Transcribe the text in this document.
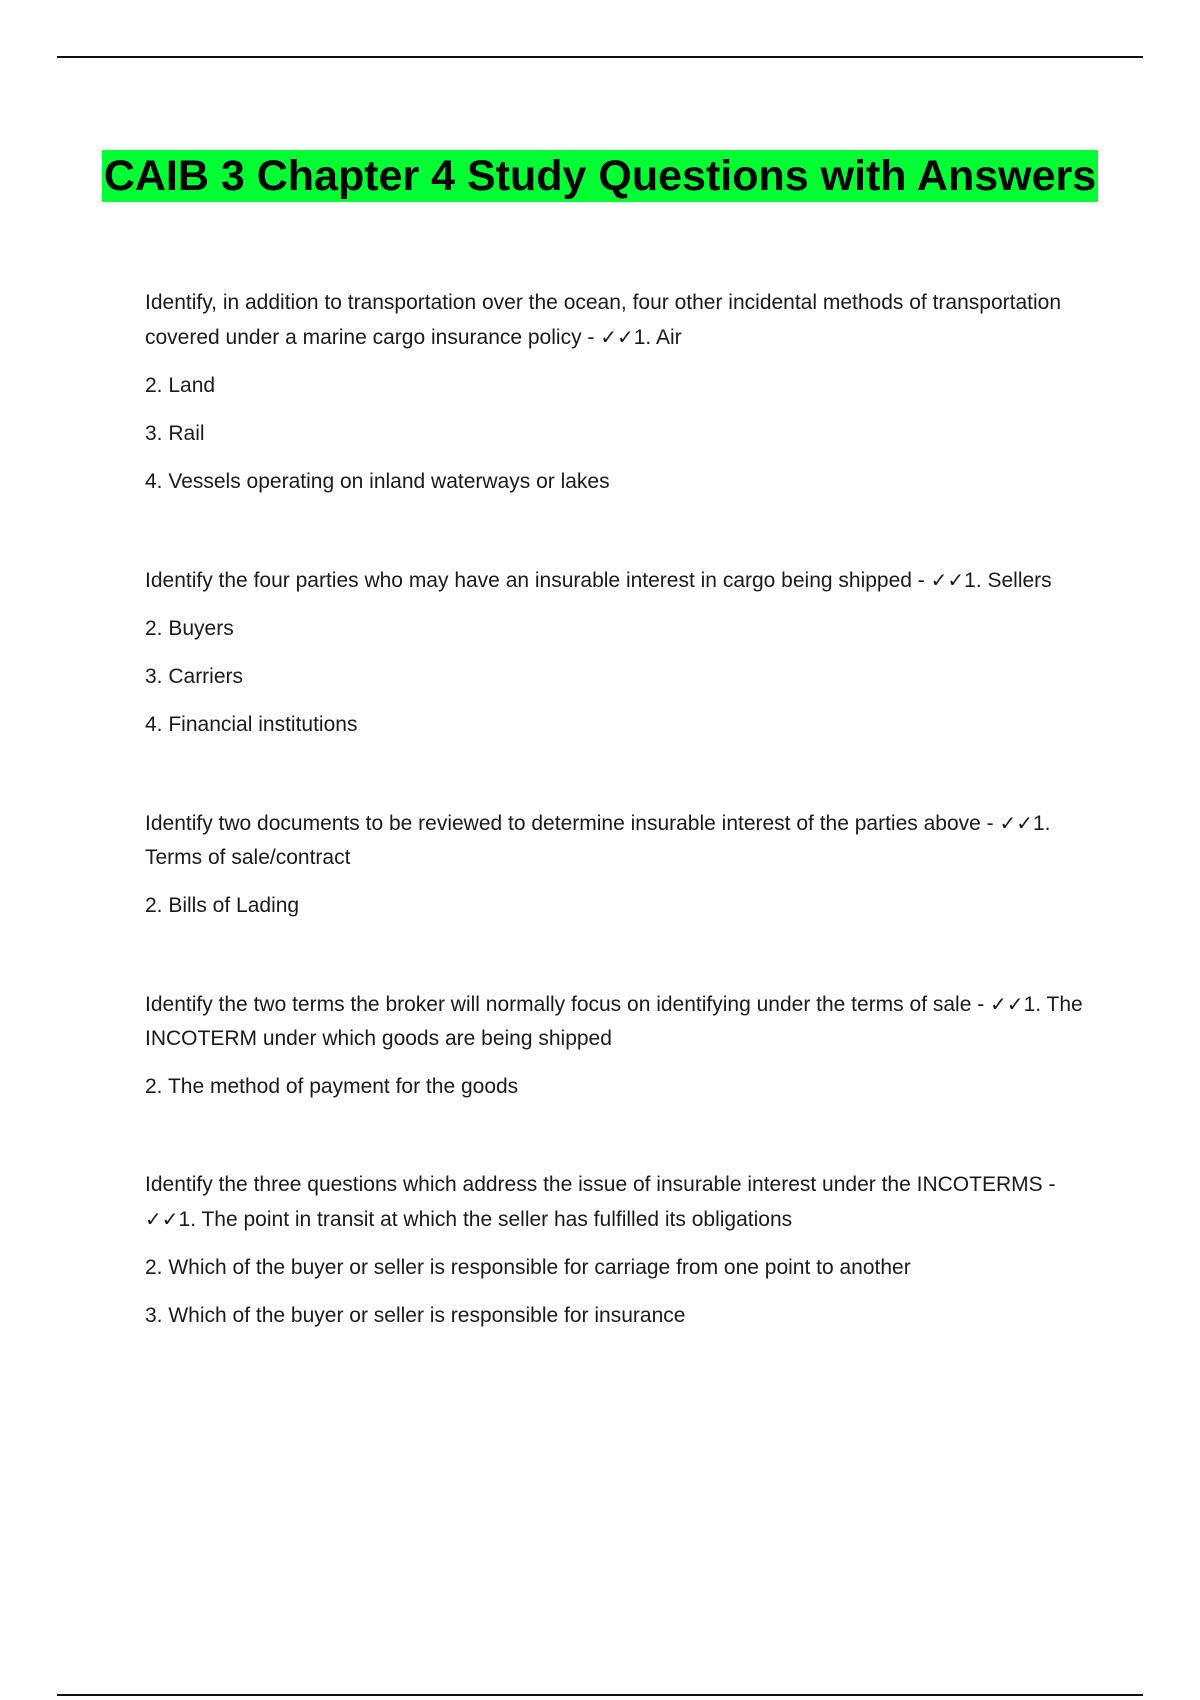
CAIB 3 Chapter 4 Study Questions with Answers

Identify, in addition to transportation over the ocean, four other incidental methods of transportation covered under a marine cargo insurance policy - ✓✓1. Air

2. Land

3. Rail

4. Vessels operating on inland waterways or lakes

Identify the four parties who may have an insurable interest in cargo being shipped - ✓✓1. Sellers

2. Buyers

3. Carriers

4. Financial institutions

Identify two documents to be reviewed to determine insurable interest of the parties above - ✓✓1. Terms of sale/contract

2. Bills of Lading

Identify the two terms the broker will normally focus on identifying under the terms of sale - ✓✓1. The INCOTERM under which goods are being shipped

2. The method of payment for the goods

Identify the three questions which address the issue of insurable interest under the INCOTERMS - ✓✓1. The point in transit at which the seller has fulfilled its obligations

2. Which of the buyer or seller is responsible for carriage from one point to another

3. Which of the buyer or seller is responsible for insurance
